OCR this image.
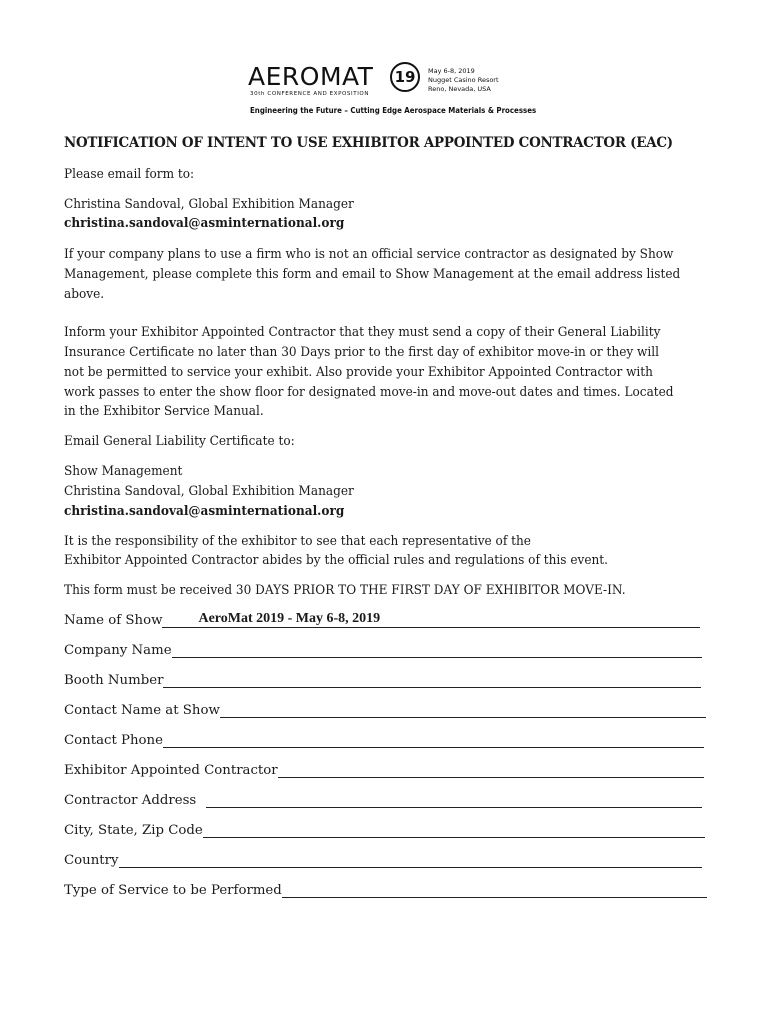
AEROMAT	19
30th CONFERENCE AND EXPOSITION
May 6-8, 2019
Nugget Casino Resort
Reno, Nevada, USA
Engineering the Future – Cutting Edge Aerospace Materials & Processes
NOTIFICATION OF INTENT TO USE EXHIBITOR APPOINTED CONTRACTOR (EAC)
Please email form to:
Christina Sandoval, Global Exhibition Manager
christina.sandoval@asminternational.org
If your company plans to use a firm who is not an official service contractor as designated by Show
Management, please complete this form and email to Show Management at the email address listed
above.
Inform your Exhibitor Appointed Contractor that they must send a copy of their General Liability
Insurance Certificate no later than 30 Days prior to the first day of exhibitor move-in or they will
not be permitted to service your exhibit. Also provide your Exhibitor Appointed Contractor with
work passes to enter the show floor for designated move-in and move-out dates and times. Located
in the Exhibitor Service Manual.
Email General Liability Certificate to:
Show Management
Christina Sandoval, Global Exhibition Manager
christina.sandoval@asminternational.org
It is the responsibility of the exhibitor to see that each representative of the
Exhibitor Appointed Contractor abides by the official rules and regulations of this event.
This form must be received 30 DAYS PRIOR TO THE FIRST DAY OF EXHIBITOR MOVE-IN.
Name of Show	AeroMat 2019 - May 6-8, 2019
Company Name
Booth Number
Contact Name at Show
Contact Phone
Exhibitor Appointed Contractor
Contractor Address
City, State, Zip Code
Country
Type of Service to be Performed
